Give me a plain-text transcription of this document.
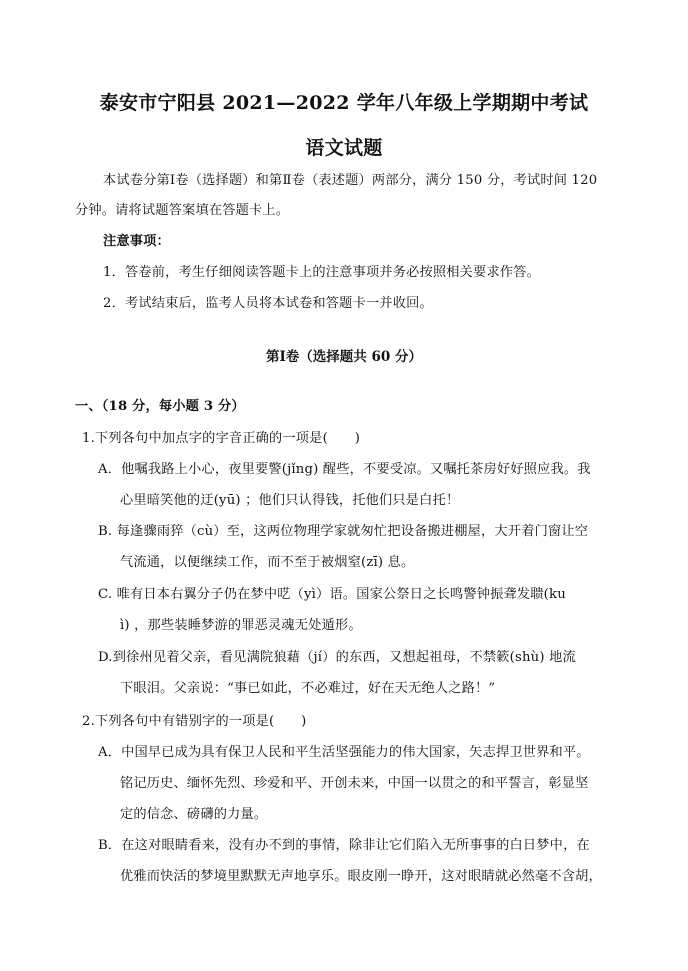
泰安市宁阳县 2021—2022 学年八年级上学期期中考试
语文试题
本试卷分第Ⅰ卷（选择题）和第Ⅱ卷（表述题）两部分，满分 150 分，考试时间 120
分钟。请将试题答案填在答题卡上。
注意事项：
1．答卷前，考生仔细阅读答题卡上的注意事项并务必按照相关要求作答。
2．考试结束后，监考人员将本试卷和答题卡一并收回。
第Ⅰ卷（选择题共 60 分）
一、（18 分，每小题 3 分）
1.下列各句中加点字的字音正确的一项是(　　)
A．他嘱我路上小心，夜里要警(jǐng) 醒些，不要受凉。又嘱托茶房好好照应我。我
心里暗笑他的迂(yū) ；他们只认得钱，托他们只是白托！
B. 每逢骤雨猝（cù）至，这两位物理学家就匆忙把设备搬进棚屋，大开着门窗让空
气流通，以便继续工作，而不至于被烟窒(zī) 息。
C. 唯有日本右翼分子仍在梦中呓（yì）语。国家公祭日之长鸣警钟振聋发聩(ku
ì) ，那些装睡梦游的罪恶灵魂无处遁形。
D.到徐州见着父亲，看见满院狼藉（jí）的东西，又想起祖母，不禁簌(shù) 地流
下眼泪。父亲说：“事已如此，不必难过，好在天无绝人之路！”
2.下列各句中有错别字的一项是(　　)
A．中国早已成为具有保卫人民和平生活坚强能力的伟大国家，矢志捍卫世界和平。
铭记历史、缅怀先烈、珍爱和平、开创未来，中国一以贯之的和平誓言，彰显坚
定的信念、磅礴的力量。
B．在这对眼睛看来，没有办不到的事情，除非让它们陷入无所事事的白日梦中，在
优雅而快活的梦境里默默无声地享乐。眼皮刚一睁开，这对眼睛就必然毫不含胡，
